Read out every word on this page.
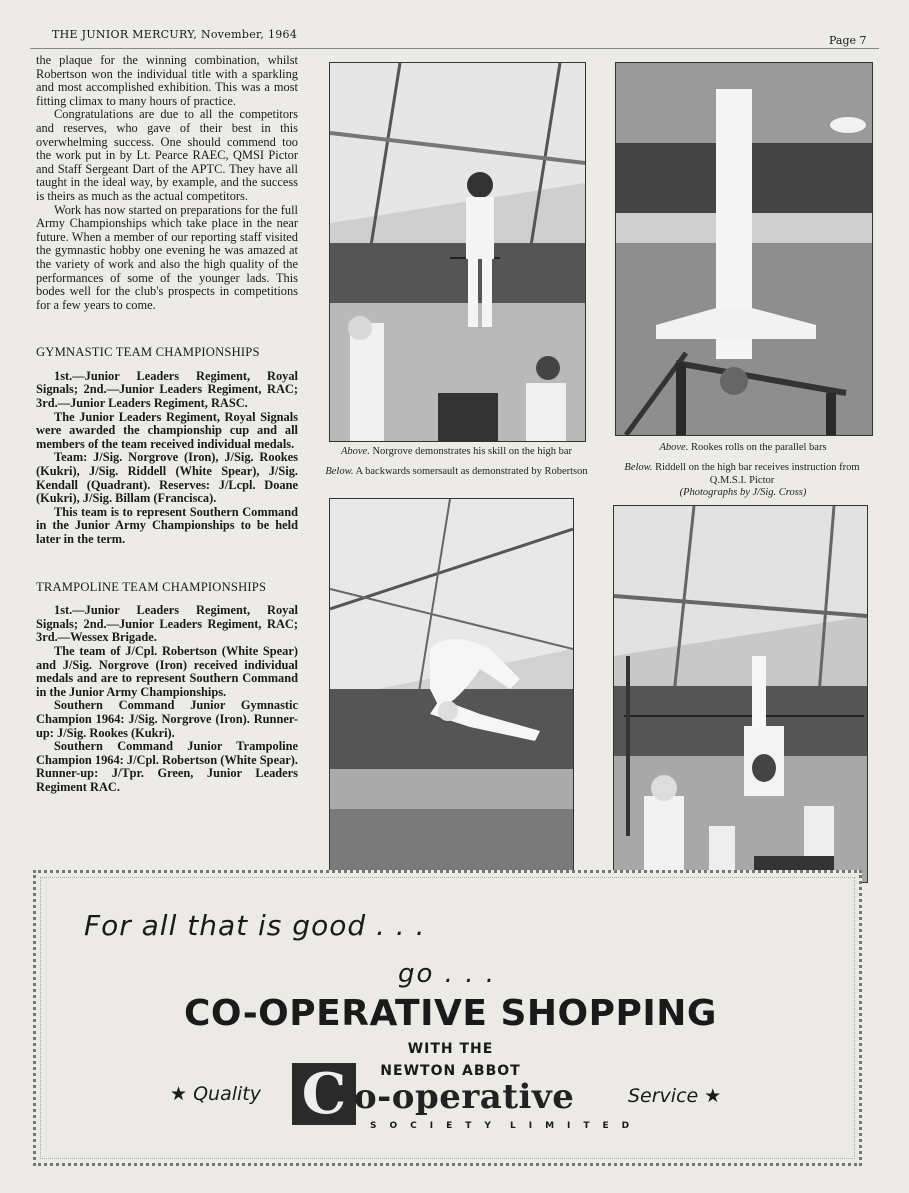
THE JUNIOR MERCURY, November, 1964	Page 7

the plaque for the winning combination, whilst Robertson won the individual title with a sparkling and most accomplished exhibition. This was a most fitting climax to many hours of practice.

Congratulations are due to all the competitors and reserves, who gave of their best in this overwhelming success. One should commend too the work put in by Lt. Pearce RAEC, QMSI Pictor and Staff Sergeant Dart of the APTC. They have all taught in the ideal way, by example, and the success is theirs as much as the actual competitors.

Work has now started on preparations for the full Army Championships which take place in the near future. When a member of our reporting staff visited the gymnastic hobby one evening he was amazed at the variety of work and also the high quality of the performances of some of the younger lads. This bodes well for the club's prospects in competitions for a few years to come.

GYMNASTIC TEAM CHAMPIONSHIPS

1st.—Junior Leaders Regiment, Royal Signals; 2nd.—Junior Leaders Regiment, RAC; 3rd.—Junior Leaders Regiment, RASC.

The Junior Leaders Regiment, Royal Signals were awarded the championship cup and all members of the team received individual medals.

Team: J/Sig. Norgrove (Iron), J/Sig. Rookes (Kukri), J/Sig. Riddell (White Spear), J/Sig. Kendall (Quadrant). Reserves: J/Lcpl. Doane (Kukri), J/Sig. Billam (Francisca).

This team is to represent Southern Command in the Junior Army Championships to be held later in the term.

TRAMPOLINE TEAM CHAMPIONSHIPS

1st.—Junior Leaders Regiment, Royal Signals; 2nd.—Junior Leaders Regiment, RAC; 3rd.—Wessex Brigade.

The team of J/Cpl. Robertson (White Spear) and J/Sig. Norgrove (Iron) received individual medals and are to represent Southern Command in the Junior Army Championships.

Southern Command Junior Gymnastic Champion 1964: J/Sig. Norgrove (Iron). Runner-up: J/Sig. Rookes (Kukri).

Southern Command Junior Trampoline Champion 1964: J/Cpl. Robertson (White Spear). Runner-up: J/Tpr. Green, Junior Leaders Regiment RAC.

Above. Norgrove demonstrates his skill on the high bar
Below. A backwards somersault as demonstrated by Robertson
Above. Rookes rolls on the parallel bars
Below. Riddell on the high bar receives instruction from Q.M.S.I. Pictor
(Photographs by J/Sig. Cross)
For all that is good . . .
go . . .
CO-OPERATIVE SHOPPING
WITH THE
NEWTON ABBOT
★ Quality C o-operative	Service ★
SOCIETY LIMITED
